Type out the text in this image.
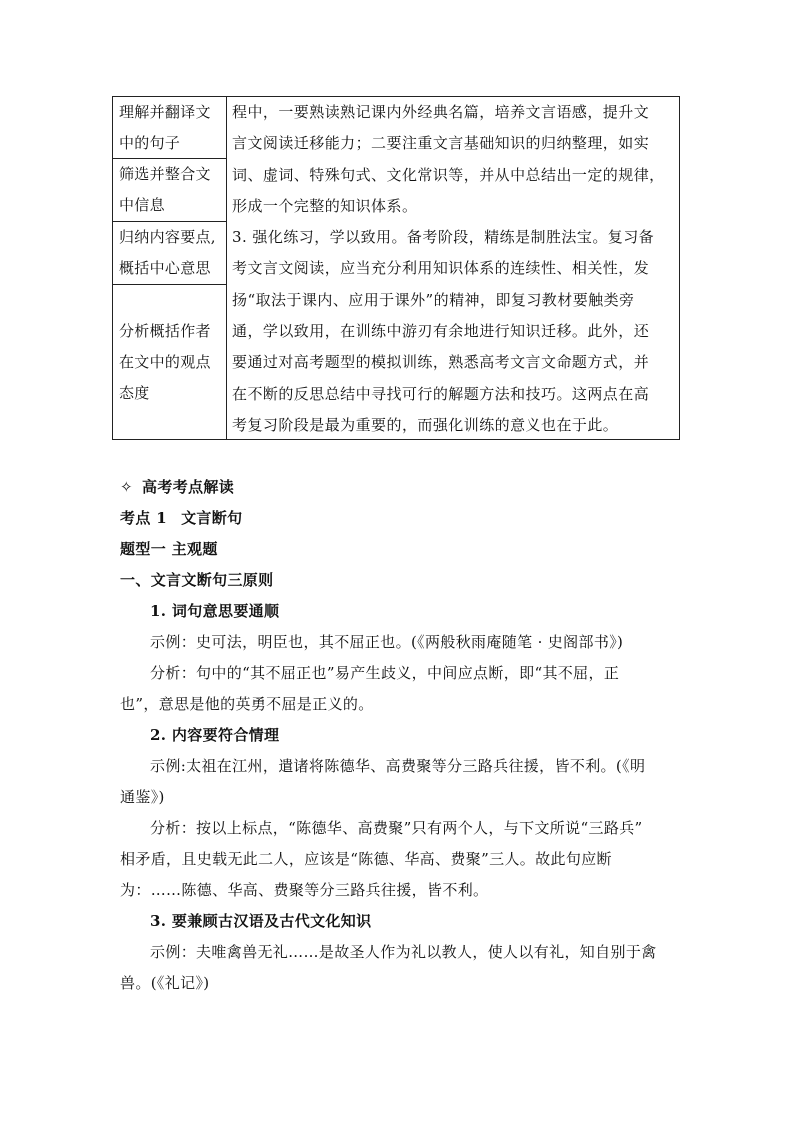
理解并翻译文
中的句子
筛选并整合文
中信息
归纳内容要点,
概括中心意思
分析概括作者
在文中的观点
态度
程中，一要熟读熟记课内外经典名篇，培养文言语感，提升文
言文阅读迁移能力；二要注重文言基础知识的归纳整理，如实
词、虚词、特殊句式、文化常识等，并从中总结出一定的规律，
形成一个完整的知识体系。
3. 强化练习，学以致用。备考阶段，精练是制胜法宝。复习备
考文言文阅读，应当充分利用知识体系的连续性、相关性，发
扬“取法于课内、应用于课外”的精神，即复习教材要触类旁
通，学以致用，在训练中游刃有余地进行知识迁移。此外，还
要通过对高考题型的模拟训练，熟悉高考文言文命题方式，并
在不断的反思总结中寻找可行的解题方法和技巧。这两点在高
考复习阶段是最为重要的，而强化训练的意义也在于此。
✧ 高考考点解读
考点 1 文言断句
题型一 主观题
一、文言文断句三原则
1. 词句意思要通顺
示例：史可法，明臣也，其不屈正也。(《两般秋雨庵随笔 · 史阁部书》)
分析：句中的“其不屈正也”易产生歧义，中间应点断，即“其不屈，正
也”，意思是他的英勇不屈是正义的。
2. 内容要符合情理
示例:太祖在江州，遣诸将陈德华、高费聚等分三路兵往援，皆不利。(《明
通鉴》)
分析：按以上标点，“陈德华、高费聚”只有两个人，与下文所说“三路兵”
相矛盾，且史载无此二人，应该是“陈德、华高、费聚”三人。故此句应断
为：……陈德、华高、费聚等分三路兵往援，皆不利。
3. 要兼顾古汉语及古代文化知识
示例：夫唯禽兽无礼……是故圣人作为礼以教人，使人以有礼，知自别于禽
兽。(《礼记》)
